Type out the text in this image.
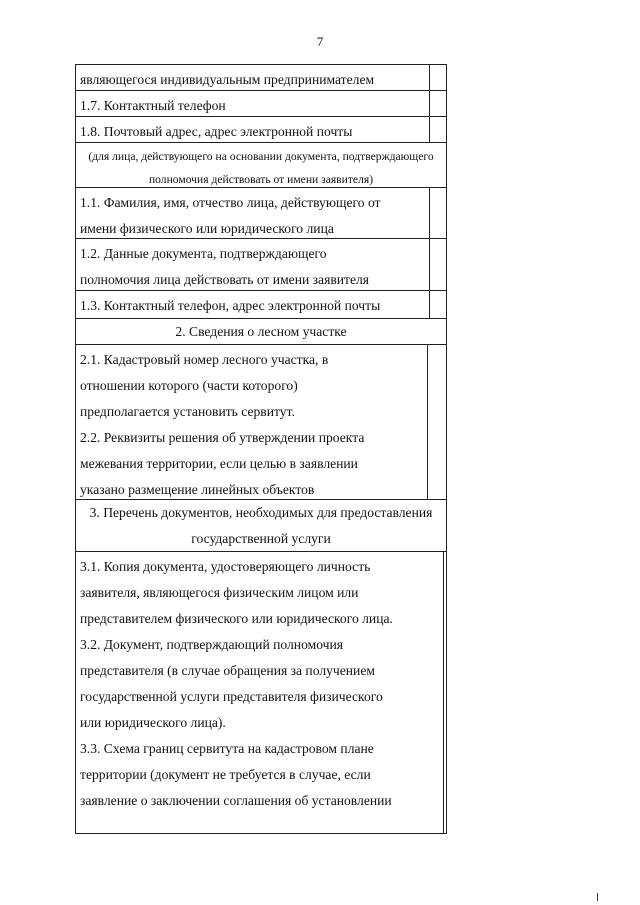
7
являющегося индивидуальным предпринимателем
1.7. Контактный телефон
1.8. Почтовый адрес, адрес электронной почты
(для лица, действующего на основании документа, подтверждающего
полномочия действовать от имени заявителя)
1.1. Фамилия, имя, отчество лица, действующего от
имени физического или юридического лица
1.2. Данные документа, подтверждающего
полномочия лица действовать от имени заявителя
1.3. Контактный телефон, адрес электронной почты
2. Сведения о лесном участке
2.1. Кадастровый номер лесного участка, в
отношении которого (части которого)
предполагается установить сервитут.
2.2. Реквизиты решения об утверждении проекта
межевания территории, если целью в заявлении
указано размещение линейных объектов
3. Перечень документов, необходимых для предоставления
государственной услуги
3.1. Копия документа, удостоверяющего личность
заявителя, являющегося физическим лицом или
представителем физического или юридического лица.
3.2. Документ, подтверждающий полномочия
представителя (в случае обращения за получением
государственной услуги представителя физического
или юридического лица).
3.3. Схема границ сервитута на кадастровом плане
территории (документ не требуется в случае, если
заявление о заключении соглашения об установлении
